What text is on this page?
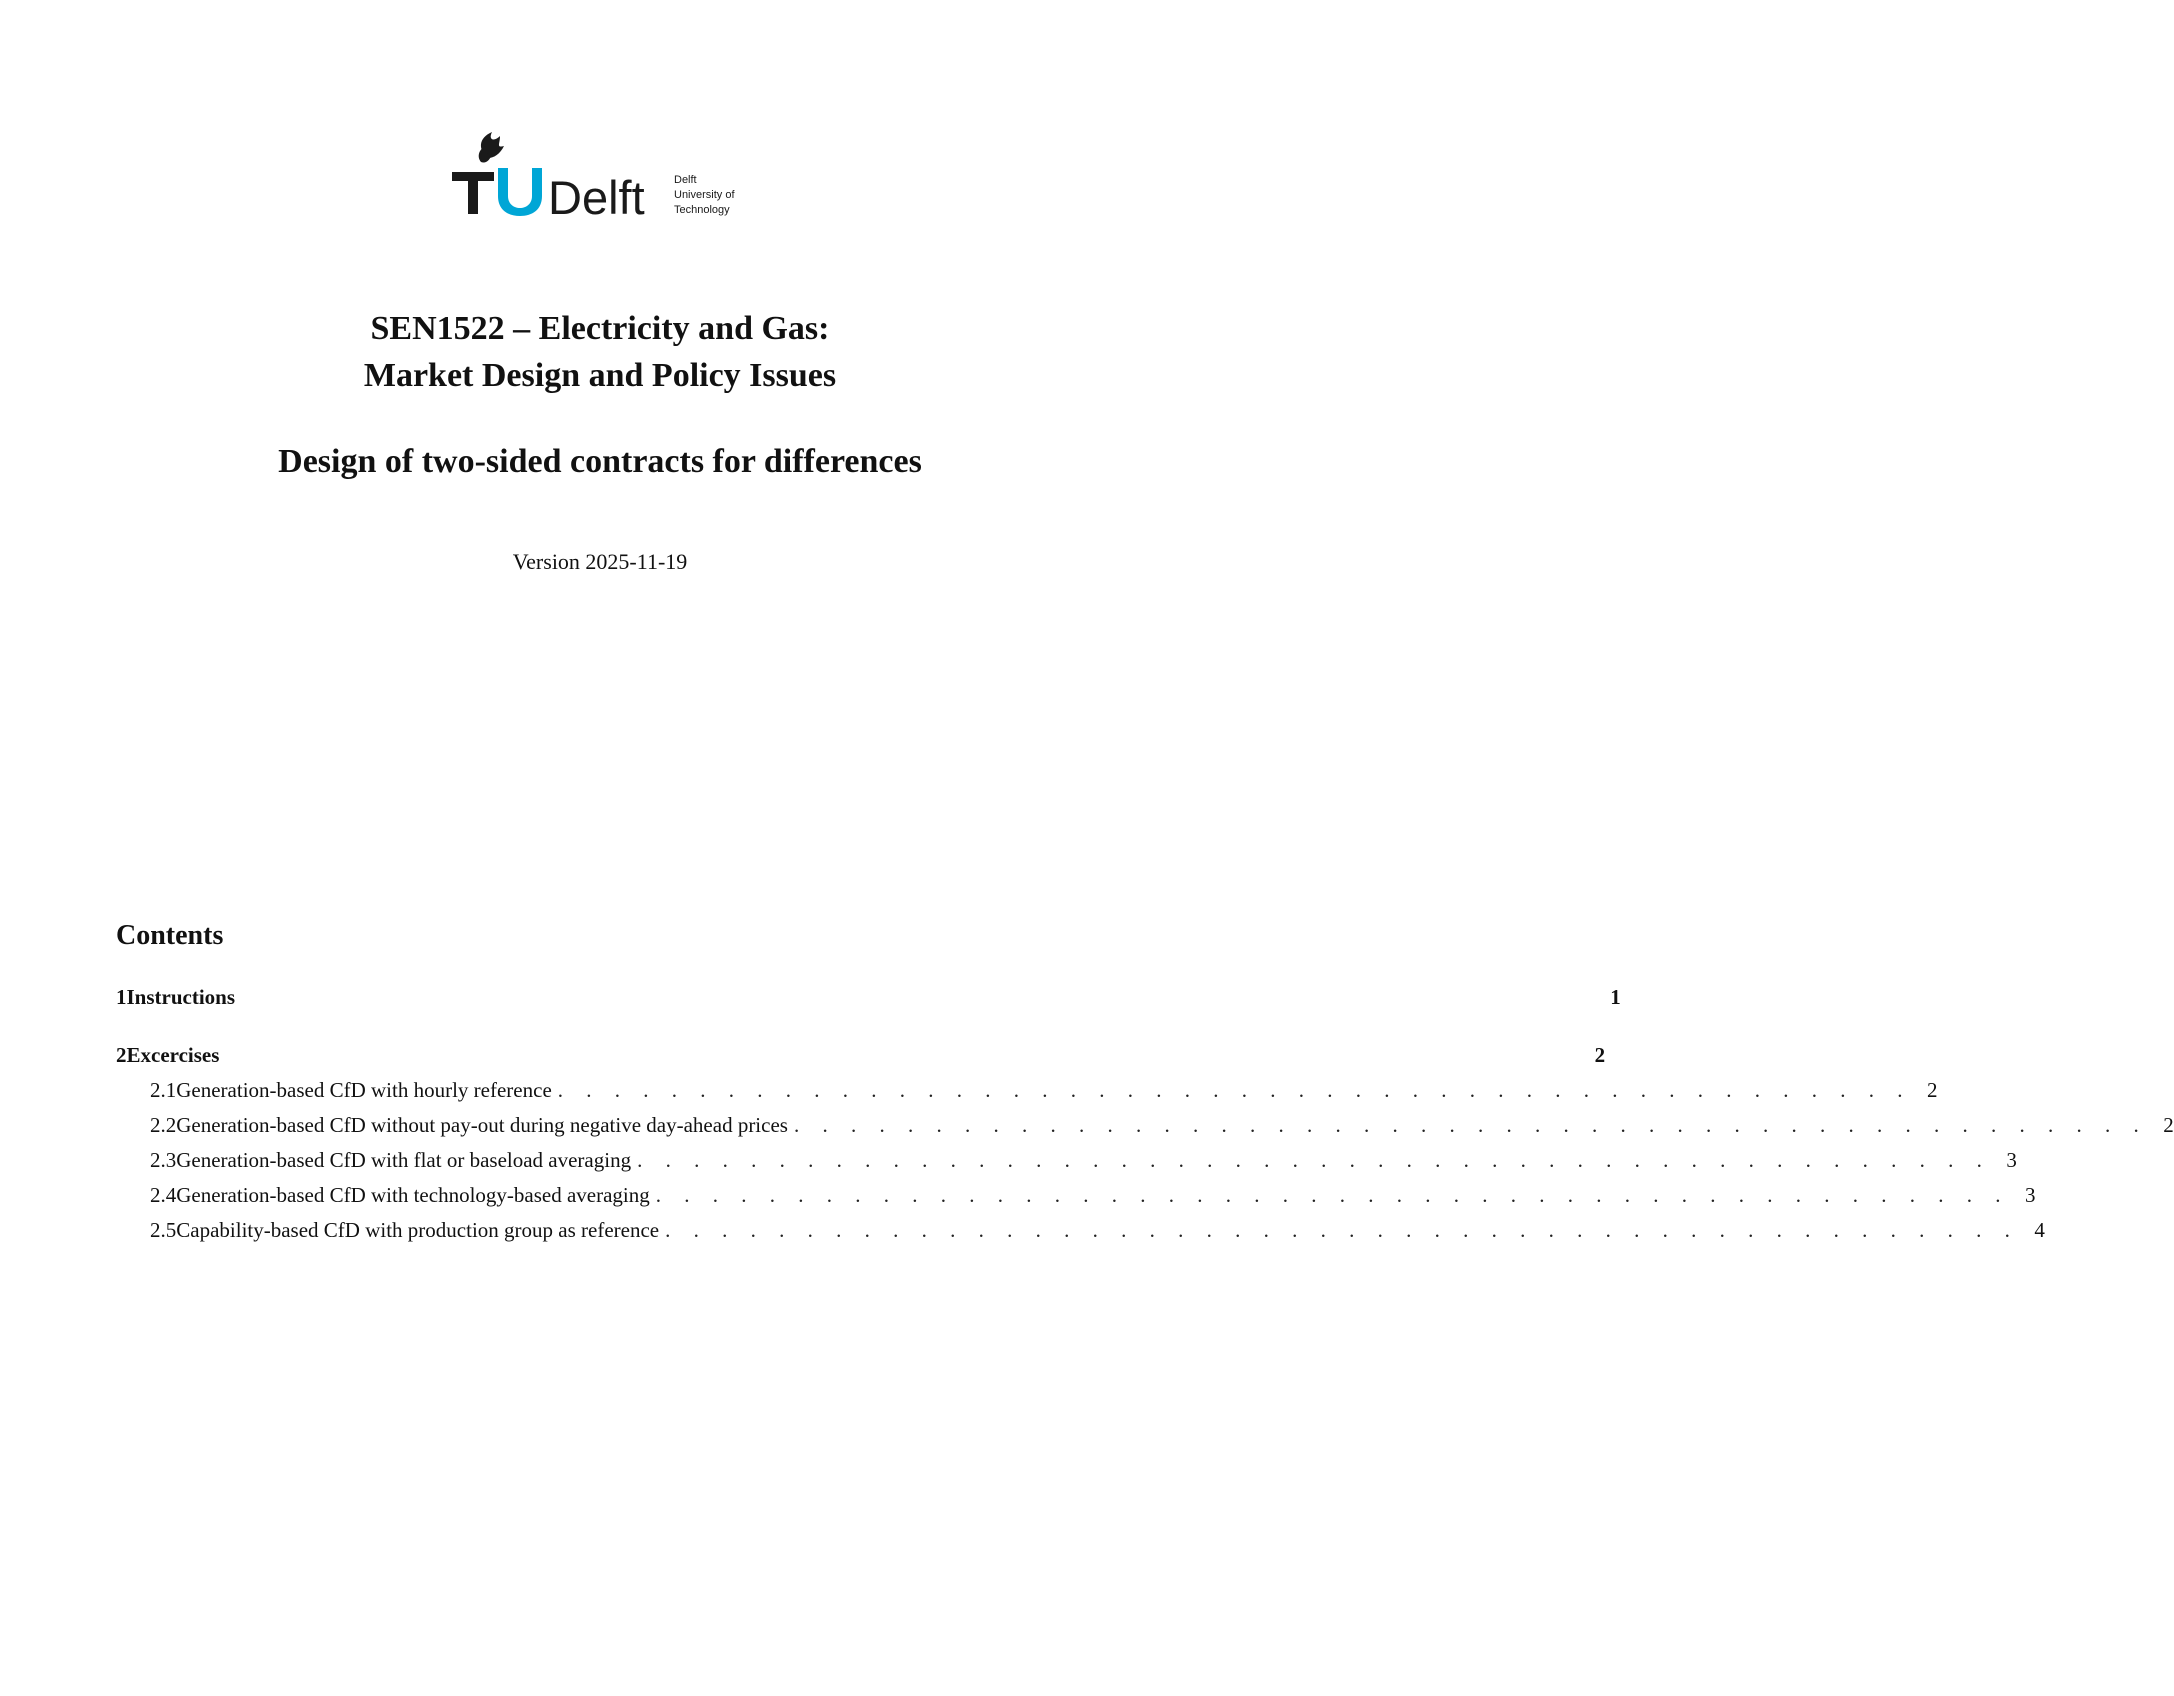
Delft	Delft
University of
Technology
SEN1522 – Electricity and Gas:
Market Design and Policy Issues
Design of two-sided contracts for differences
Version 2025-11-19
Contents
1 Instructions	1
2 Excercises	2
2.1 Generation-based CfD with hourly reference . . . . . . . . . . . . . . . . . . . . . . . . . . . . . . . . . . . . . . . . . . . . . . . . 2
2.2 Generation-based CfD without pay-out during negative day-ahead prices . . . . . . . . . . . . . . . . . . . . . . . . . . . . . . . . . . . . . . . . . . . . . . . . 2
2.3 Generation-based CfD with flat or baseload averaging . . . . . . . . . . . . . . . . . . . . . . . . . . . . . . . . . . . . . . . . . . . . . . . . 3
2.4 Generation-based CfD with technology-based averaging . . . . . . . . . . . . . . . . . . . . . . . . . . . . . . . . . . . . . . . . . . . . . . . . 3
2.5 Capability-based CfD with production group as reference . . . . . . . . . . . . . . . . . . . . . . . . . . . . . . . . . . . . . . . . . . . . . . . . 4
